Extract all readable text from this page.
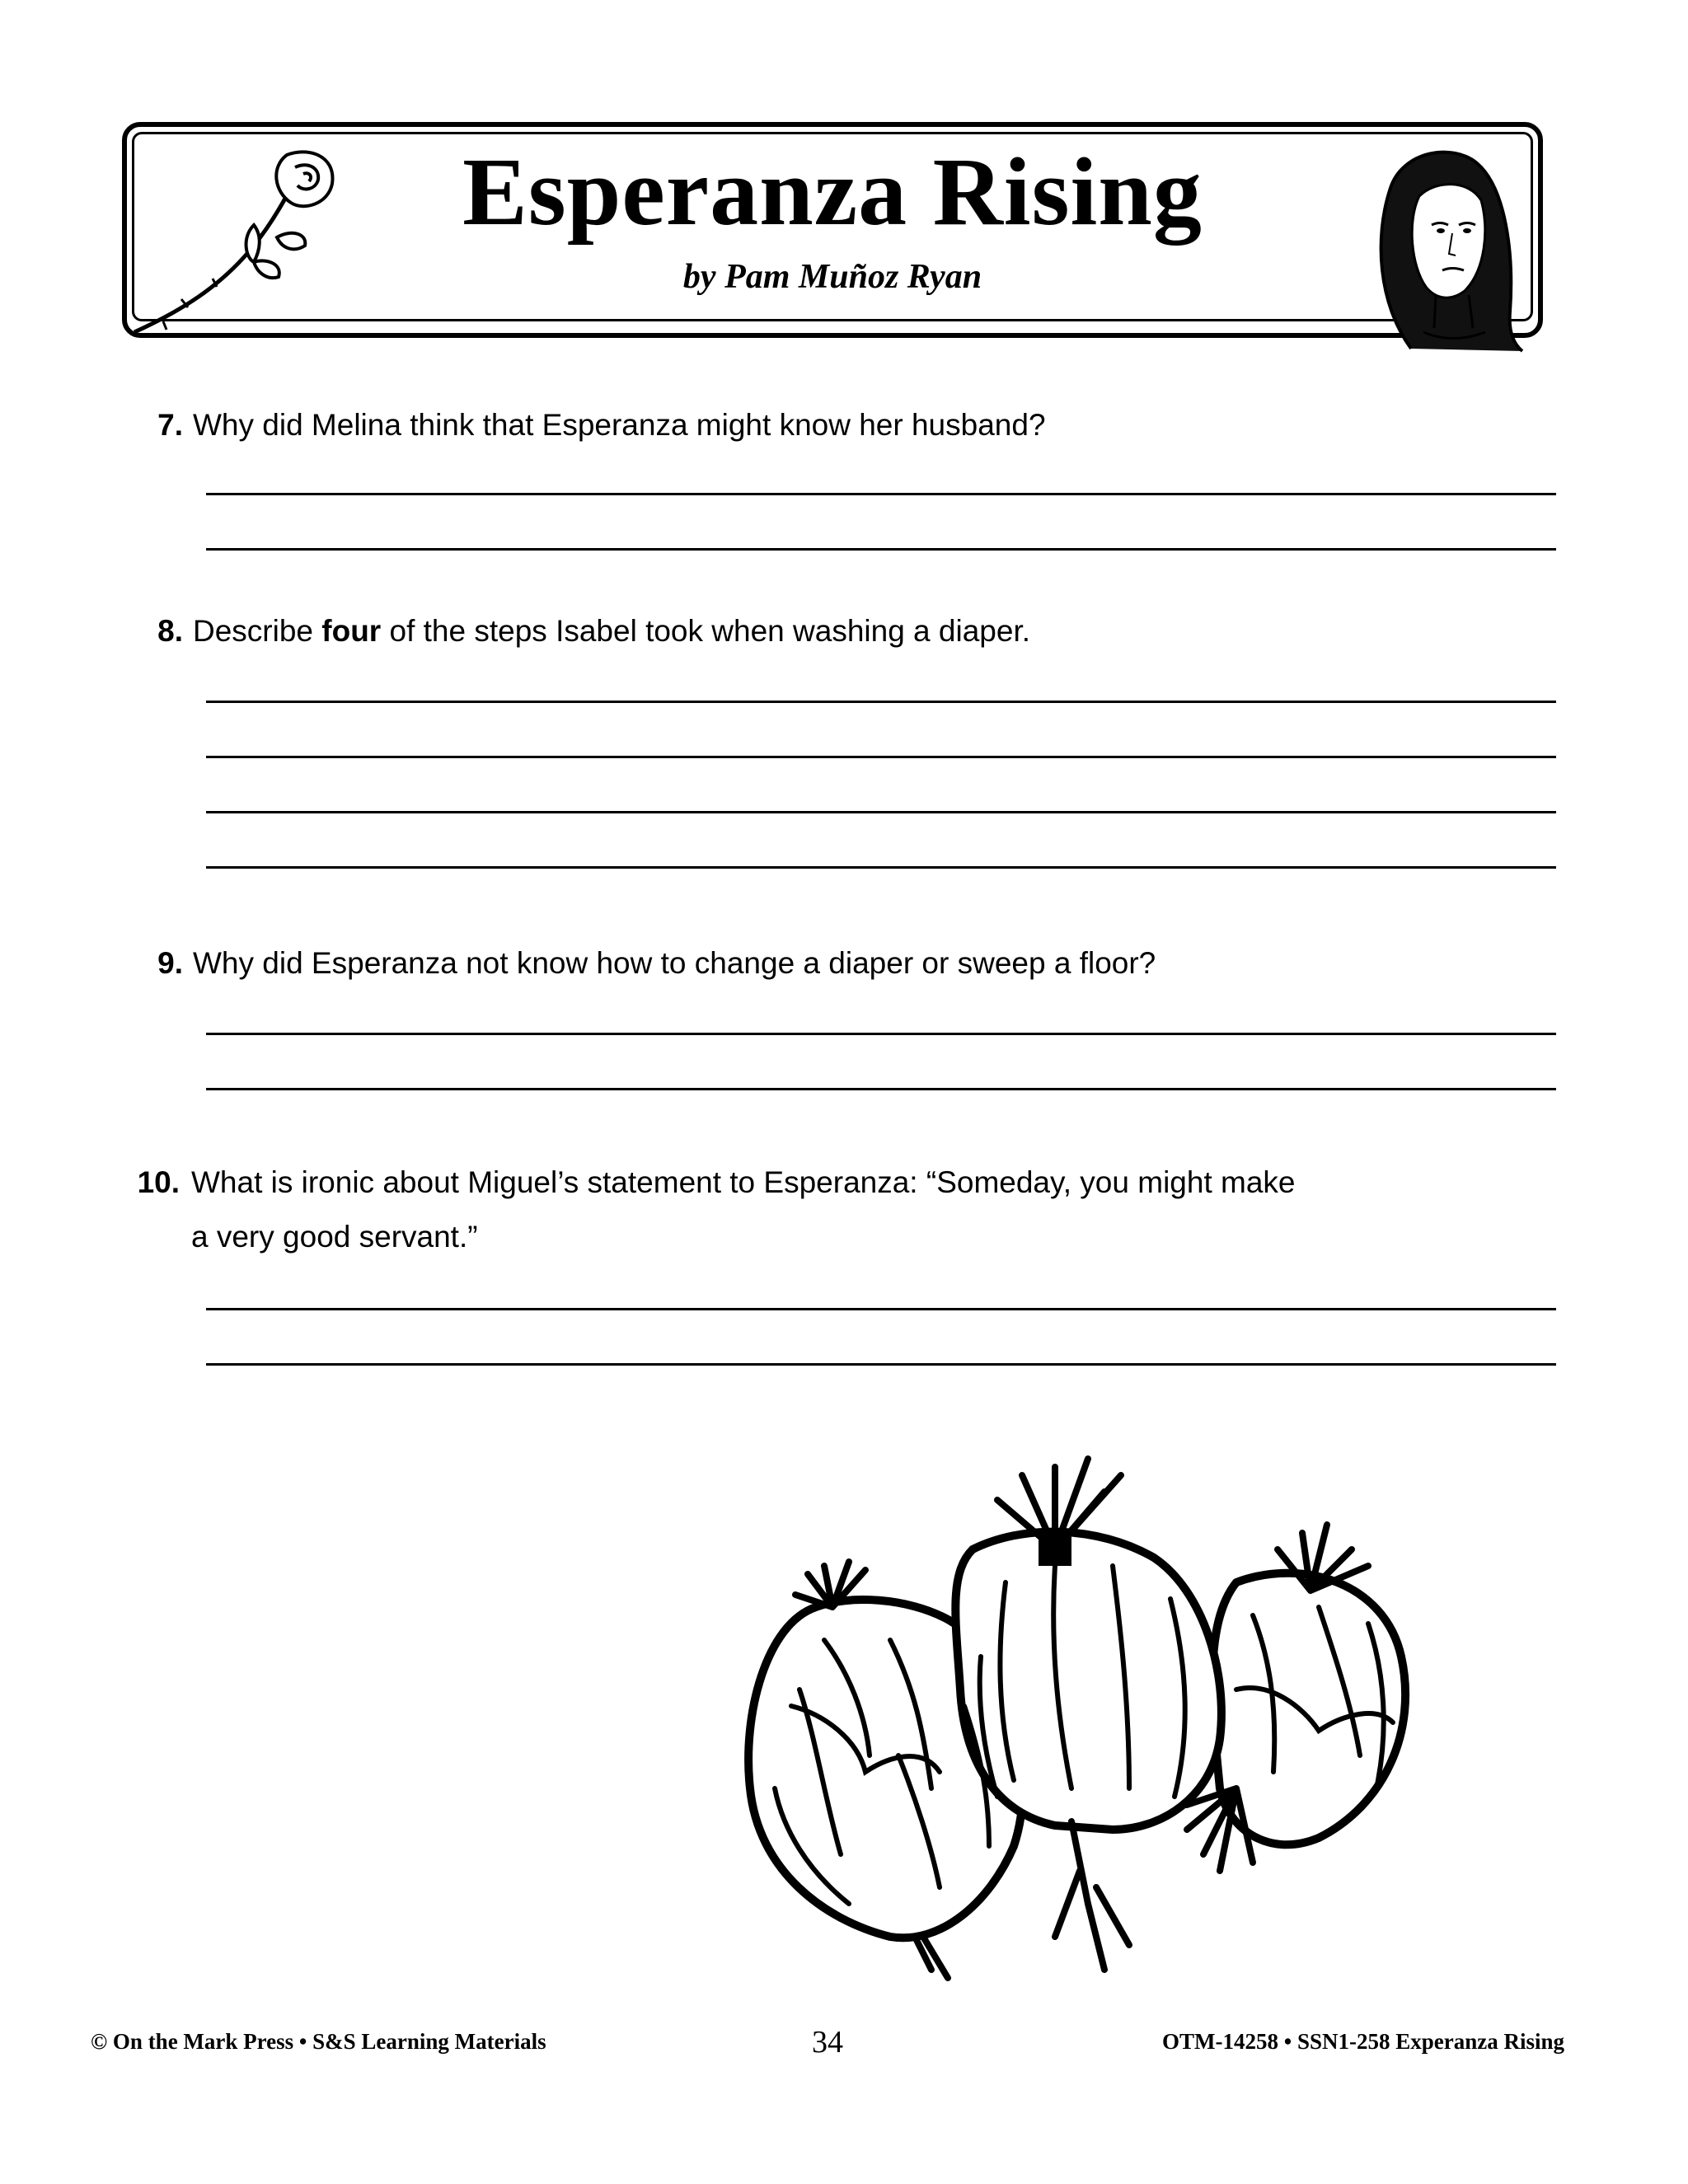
Esperanza Rising
by Pam Muñoz Ryan
7. Why did Melina think that Esperanza might know her husband?
8. Describe four of the steps Isabel took when washing a diaper.
9. Why did Esperanza not know how to change a diaper or sweep a floor?
10. What is ironic about Miguel’s statement to Esperanza: “Someday, you might make
a very good servant.”
© On the Mark Press • S&S Learning Materials	34	OTM-14258 • SSN1-258 Experanza Rising
